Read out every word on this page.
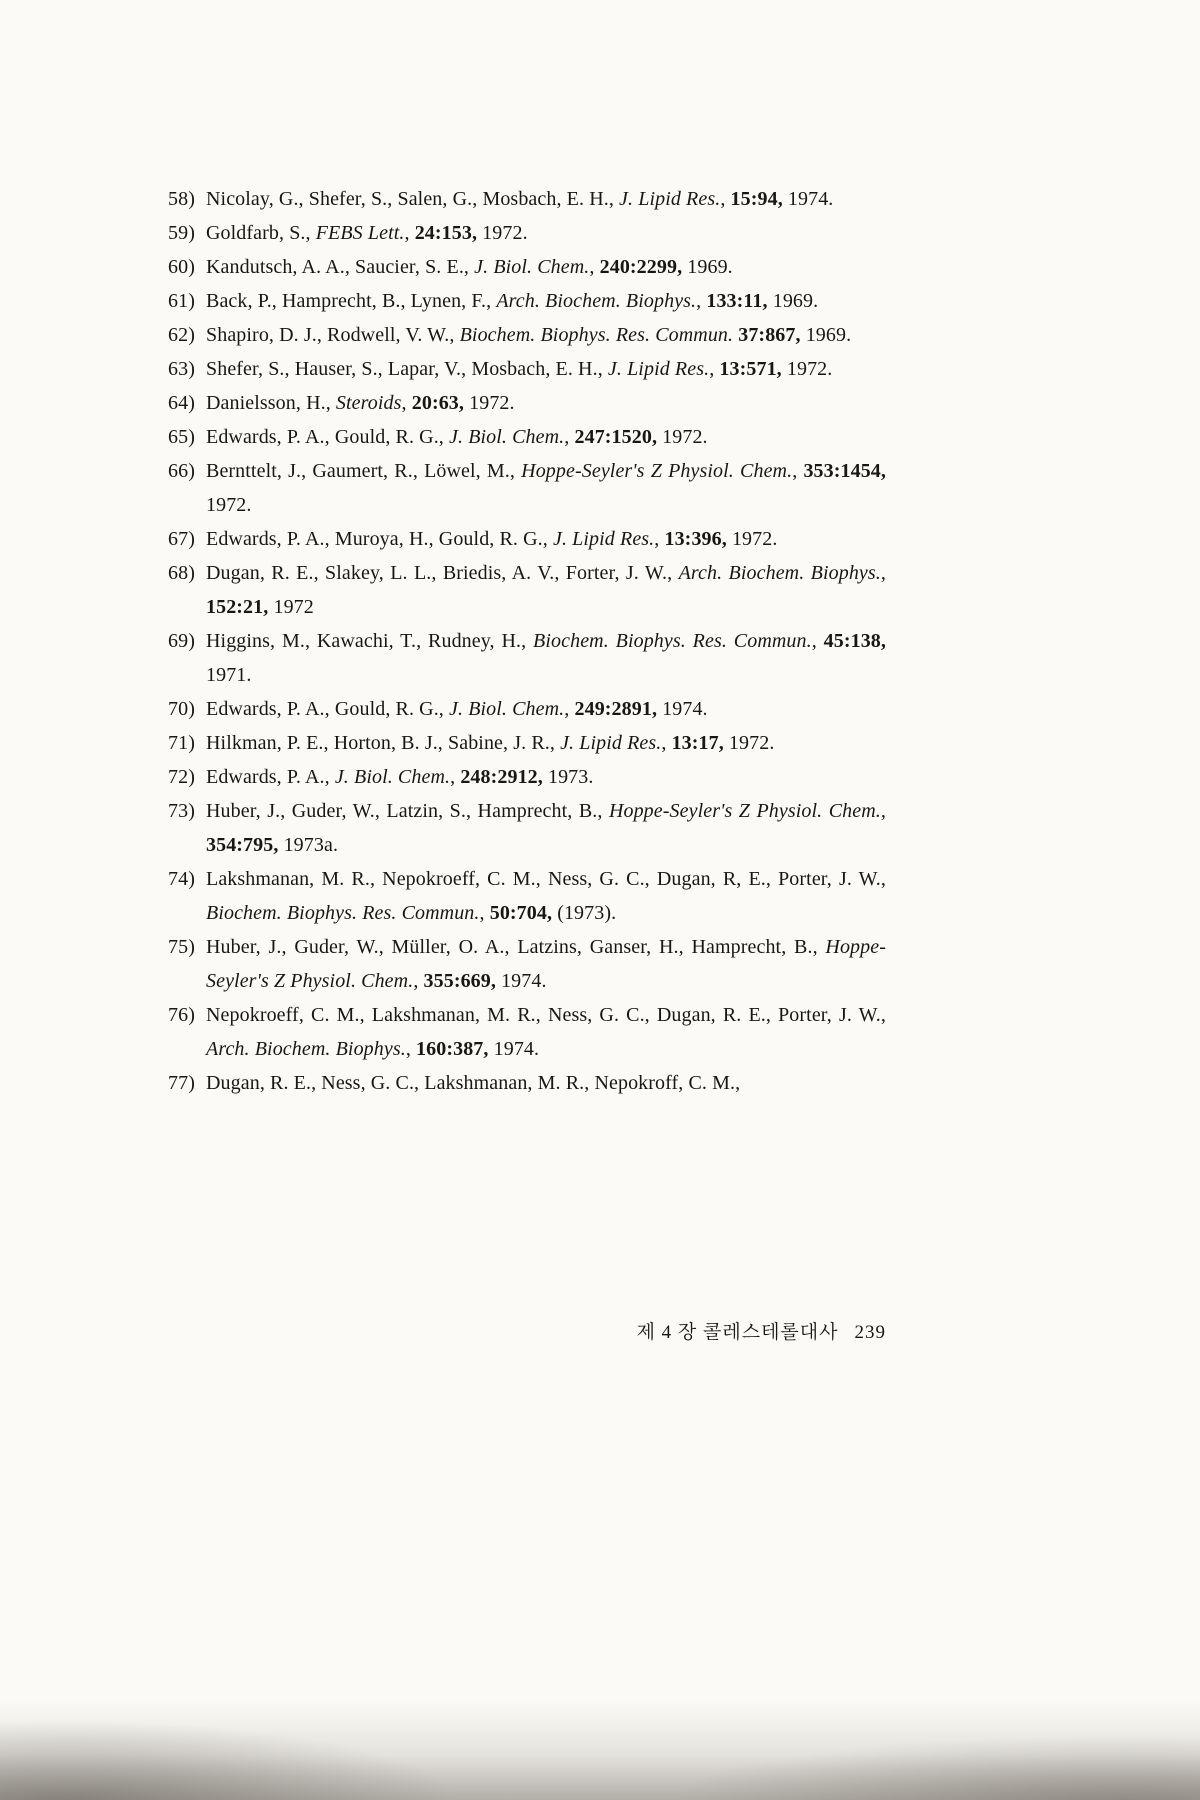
58) Nicolay, G., Shefer, S., Salen, G., Mosbach, E. H., J. Lipid Res., 15:94, 1974.
59) Goldfarb, S., FEBS Lett., 24:153, 1972.
60) Kandutsch, A. A., Saucier, S. E., J. Biol. Chem., 240:2299, 1969.
61) Back, P., Hamprecht, B., Lynen, F., Arch. Biochem. Biophys., 133:11, 1969.
62) Shapiro, D. J., Rodwell, V. W., Biochem. Biophys. Res. Commun. 37:867, 1969.
63) Shefer, S., Hauser, S., Lapar, V., Mosbach, E. H., J. Lipid Res., 13:571, 1972.
64) Danielsson, H., Steroids, 20:63, 1972.
65) Edwards, P. A., Gould, R. G., J. Biol. Chem., 247:1520, 1972.
66) Bernttelt, J., Gaumert, R., Löwel, M., Hoppe-Seyler's Z Physiol. Chem., 353:1454, 1972.
67) Edwards, P. A., Muroya, H., Gould, R. G., J. Lipid Res., 13:396, 1972.
68) Dugan, R. E., Slakey, L. L., Briedis, A. V., Forter, J. W., Arch. Biochem. Biophys., 152:21, 1972
69) Higgins, M., Kawachi, T., Rudney, H., Biochem. Biophys. Res. Commun., 45:138, 1971.
70) Edwards, P. A., Gould, R. G., J. Biol. Chem., 249:2891, 1974.
71) Hilkman, P. E., Horton, B. J., Sabine, J. R., J. Lipid Res., 13:17, 1972.
72) Edwards, P. A., J. Biol. Chem., 248:2912, 1973.
73) Huber, J., Guder, W., Latzin, S., Hamprecht, B., Hoppe-Seyler's Z Physiol. Chem., 354:795, 1973a.
74) Lakshmanan, M. R., Nepokroeff, C. M., Ness, G. C., Dugan, R, E., Porter, J. W., Biochem. Biophys. Res. Commun., 50:704, (1973).
75) Huber, J., Guder, W., Müller, O. A., Latzins, Ganser, H., Hamprecht, B., Hoppe-Seyler's Z Physiol. Chem., 355:669, 1974.
76) Nepokroeff, C. M., Lakshmanan, M. R., Ness, G. C., Dugan, R. E., Porter, J. W., Arch. Biochem. Biophys., 160:387, 1974.
77) Dugan, R. E., Ness, G. C., Lakshmanan, M. R., Nepokroff, C. M.,
제 4 장 콜레스테롤대사 239
